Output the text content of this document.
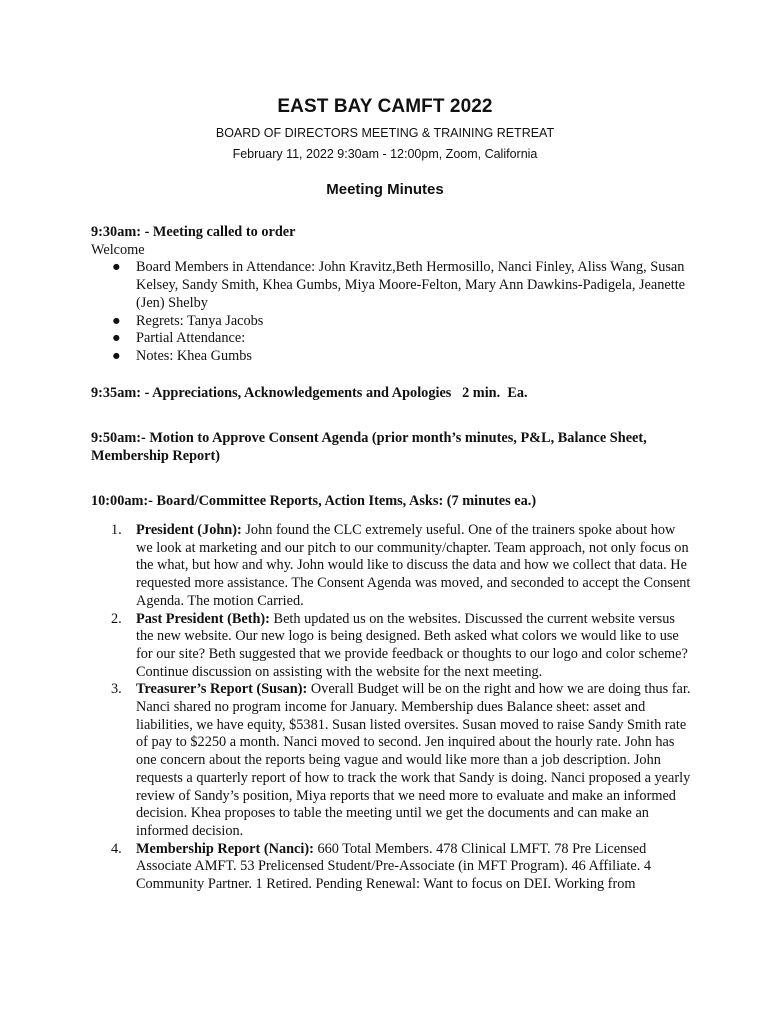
EAST BAY CAMFT 2022
BOARD OF DIRECTORS MEETING & TRAINING RETREAT
February 11, 2022 9:30am - 12:00pm, Zoom, California
Meeting Minutes

9:30am: - Meeting called to order

Welcome

● Board Members in Attendance: John Kravitz,Beth Hermosillo, Nanci Finley, Aliss Wang, Susan Kelsey, Sandy Smith, Khea Gumbs, Miya Moore-Felton, Mary Ann Dawkins-Padigela, Jeanette (Jen) Shelby
● Regrets: Tanya Jacobs
● Partial Attendance:
● Notes: Khea Gumbs

9:35am: - Appreciations, Acknowledgements and Apologies   2 min.  Ea.

9:50am:- Motion to Approve Consent Agenda (prior month’s minutes, P&L, Balance Sheet, Membership Report)

10:00am:- Board/Committee Reports, Action Items, Asks: (7 minutes ea.)

1. President (John): John found the CLC extremely useful. One of the trainers spoke about how we look at marketing and our pitch to our community/chapter. Team approach, not only focus on the what, but how and why. John would like to discuss the data and how we collect that data. He requested more assistance. The Consent Agenda was moved, and seconded to accept the Consent Agenda. The motion Carried.
2. Past President (Beth): Beth updated us on the websites. Discussed the current website versus the new website. Our new logo is being designed. Beth asked what colors we would like to use for our site? Beth suggested that we provide feedback or thoughts to our logo and color scheme? Continue discussion on assisting with the website for the next meeting.
3. Treasurer’s Report (Susan): Overall Budget will be on the right and how we are doing thus far. Nanci shared no program income for January. Membership dues Balance sheet: asset and liabilities, we have equity, $5381. Susan listed oversites. Susan moved to raise Sandy Smith rate of pay to $2250 a month. Nanci moved to second. Jen inquired about the hourly rate. John has one concern about the reports being vague and would like more than a job description. John requests a quarterly report of how to track the work that Sandy is doing. Nanci proposed a yearly review of Sandy’s position, Miya reports that we need more to evaluate and make an informed decision. Khea proposes to table the meeting until we get the documents and can make an informed decision.
4. Membership Report (Nanci): 660 Total Members. 478 Clinical LMFT. 78 Pre Licensed Associate AMFT. 53 Prelicensed Student/Pre-Associate (in MFT Program). 46 Affiliate. 4 Community Partner. 1 Retired. Pending Renewal: Want to focus on DEI. Working from
